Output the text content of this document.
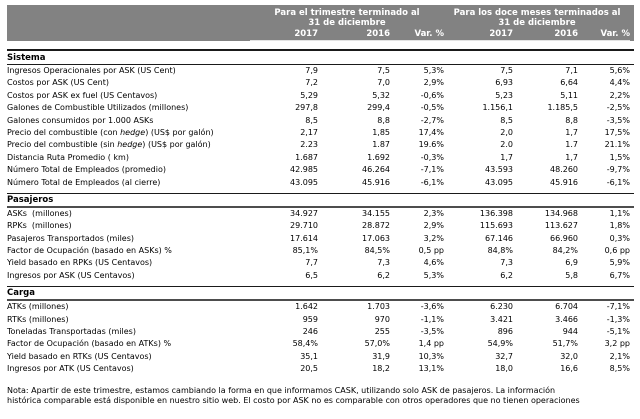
Para el trimestre terminado al
31 de diciembre
Para los doce meses terminados al
31 de diciembre
2017	2016	Var. %	2017	2016	Var. %
Sistema
Ingresos Operacionales por ASK (US Cent)	7,9	7,5	5,3%	7,5	7,1	5,6%
Costos por ASK (US Cent)	7,2	7,0	2,9%	6,93	6,64	4,4%
Costos por ASK ex fuel (US Centavos)	5,29	5,32	-0,6%	5,23	5,11	2,2%
Galones de Combustible Utilizados (millones)	297,8	299,4	-0,5%	1.156,1	1.185,5	-2,5%
Galones consumidos por 1.000 ASKs	8,5	8,8	-2,7%	8,5	8,8	-3,5%
Precio del combustible (con hedge) (US$ por galón)	2,17	1,85	17,4%	2,0	1,7	17,5%
Precio del combustible (sin hedge) (US$ por galón)	2.23	1.87	19.6%	2.0	1.7	21.1%
Distancia Ruta Promedio ( km)	1.687	1.692	-0,3%	1,7	1,7	1,5%
Número Total de Empleados (promedio)	42.985	46.264	-7,1%	43.593	48.260	-9,7%
Número Total de Empleados (al cierre)	43.095	45.916	-6,1%	43.095	45.916	-6,1%
Pasajeros
ASKs  (millones)	34.927	34.155	2,3%	136.398	134.968	1,1%
RPKs  (millones)	29.710	28.872	2,9%	115.693	113.627	1,8%
Pasajeros Transportados (miles)	17.614	17.063	3,2%	67.146	66.960	0,3%
Factor de Ocupación (basado en ASKs) %	85,1%	84,5%	0,5 pp	84,8%	84,2%	0,6 pp
Yield basado en RPKs (US Centavos)	7,7	7,3	4,6%	7,3	6,9	5,9%
Ingresos por ASK (US Centavos)	6,5	6,2	5,3%	6,2	5,8	6,7%
Carga
ATKs (millones)	1.642	1.703	-3,6%	6.230	6.704	-7,1%
RTKs (millones)	959	970	-1,1%	3.421	3.466	-1,3%
Toneladas Transportadas (miles)	246	255	-3,5%	896	944	-5,1%
Factor de Ocupación (basado en ATKs) %	58,4%	57,0%	1,4 pp	54,9%	51,7%	3,2 pp
Yield basado en RTKs (US Centavos)	35,1	31,9	10,3%	32,7	32,0	2,1%
Ingresos por ATK (US Centavos)	20,5	18,2	13,1%	18,0	16,6	8,5%
Nota: Apartir de este trimestre, estamos cambiando la forma en que informamos CASK, utilizando solo ASK de pasajeros. La información
histórica comparable está disponible en nuestro sitio web. El costo por ASK no es comparable con otros operadores que no tienen operaciones
